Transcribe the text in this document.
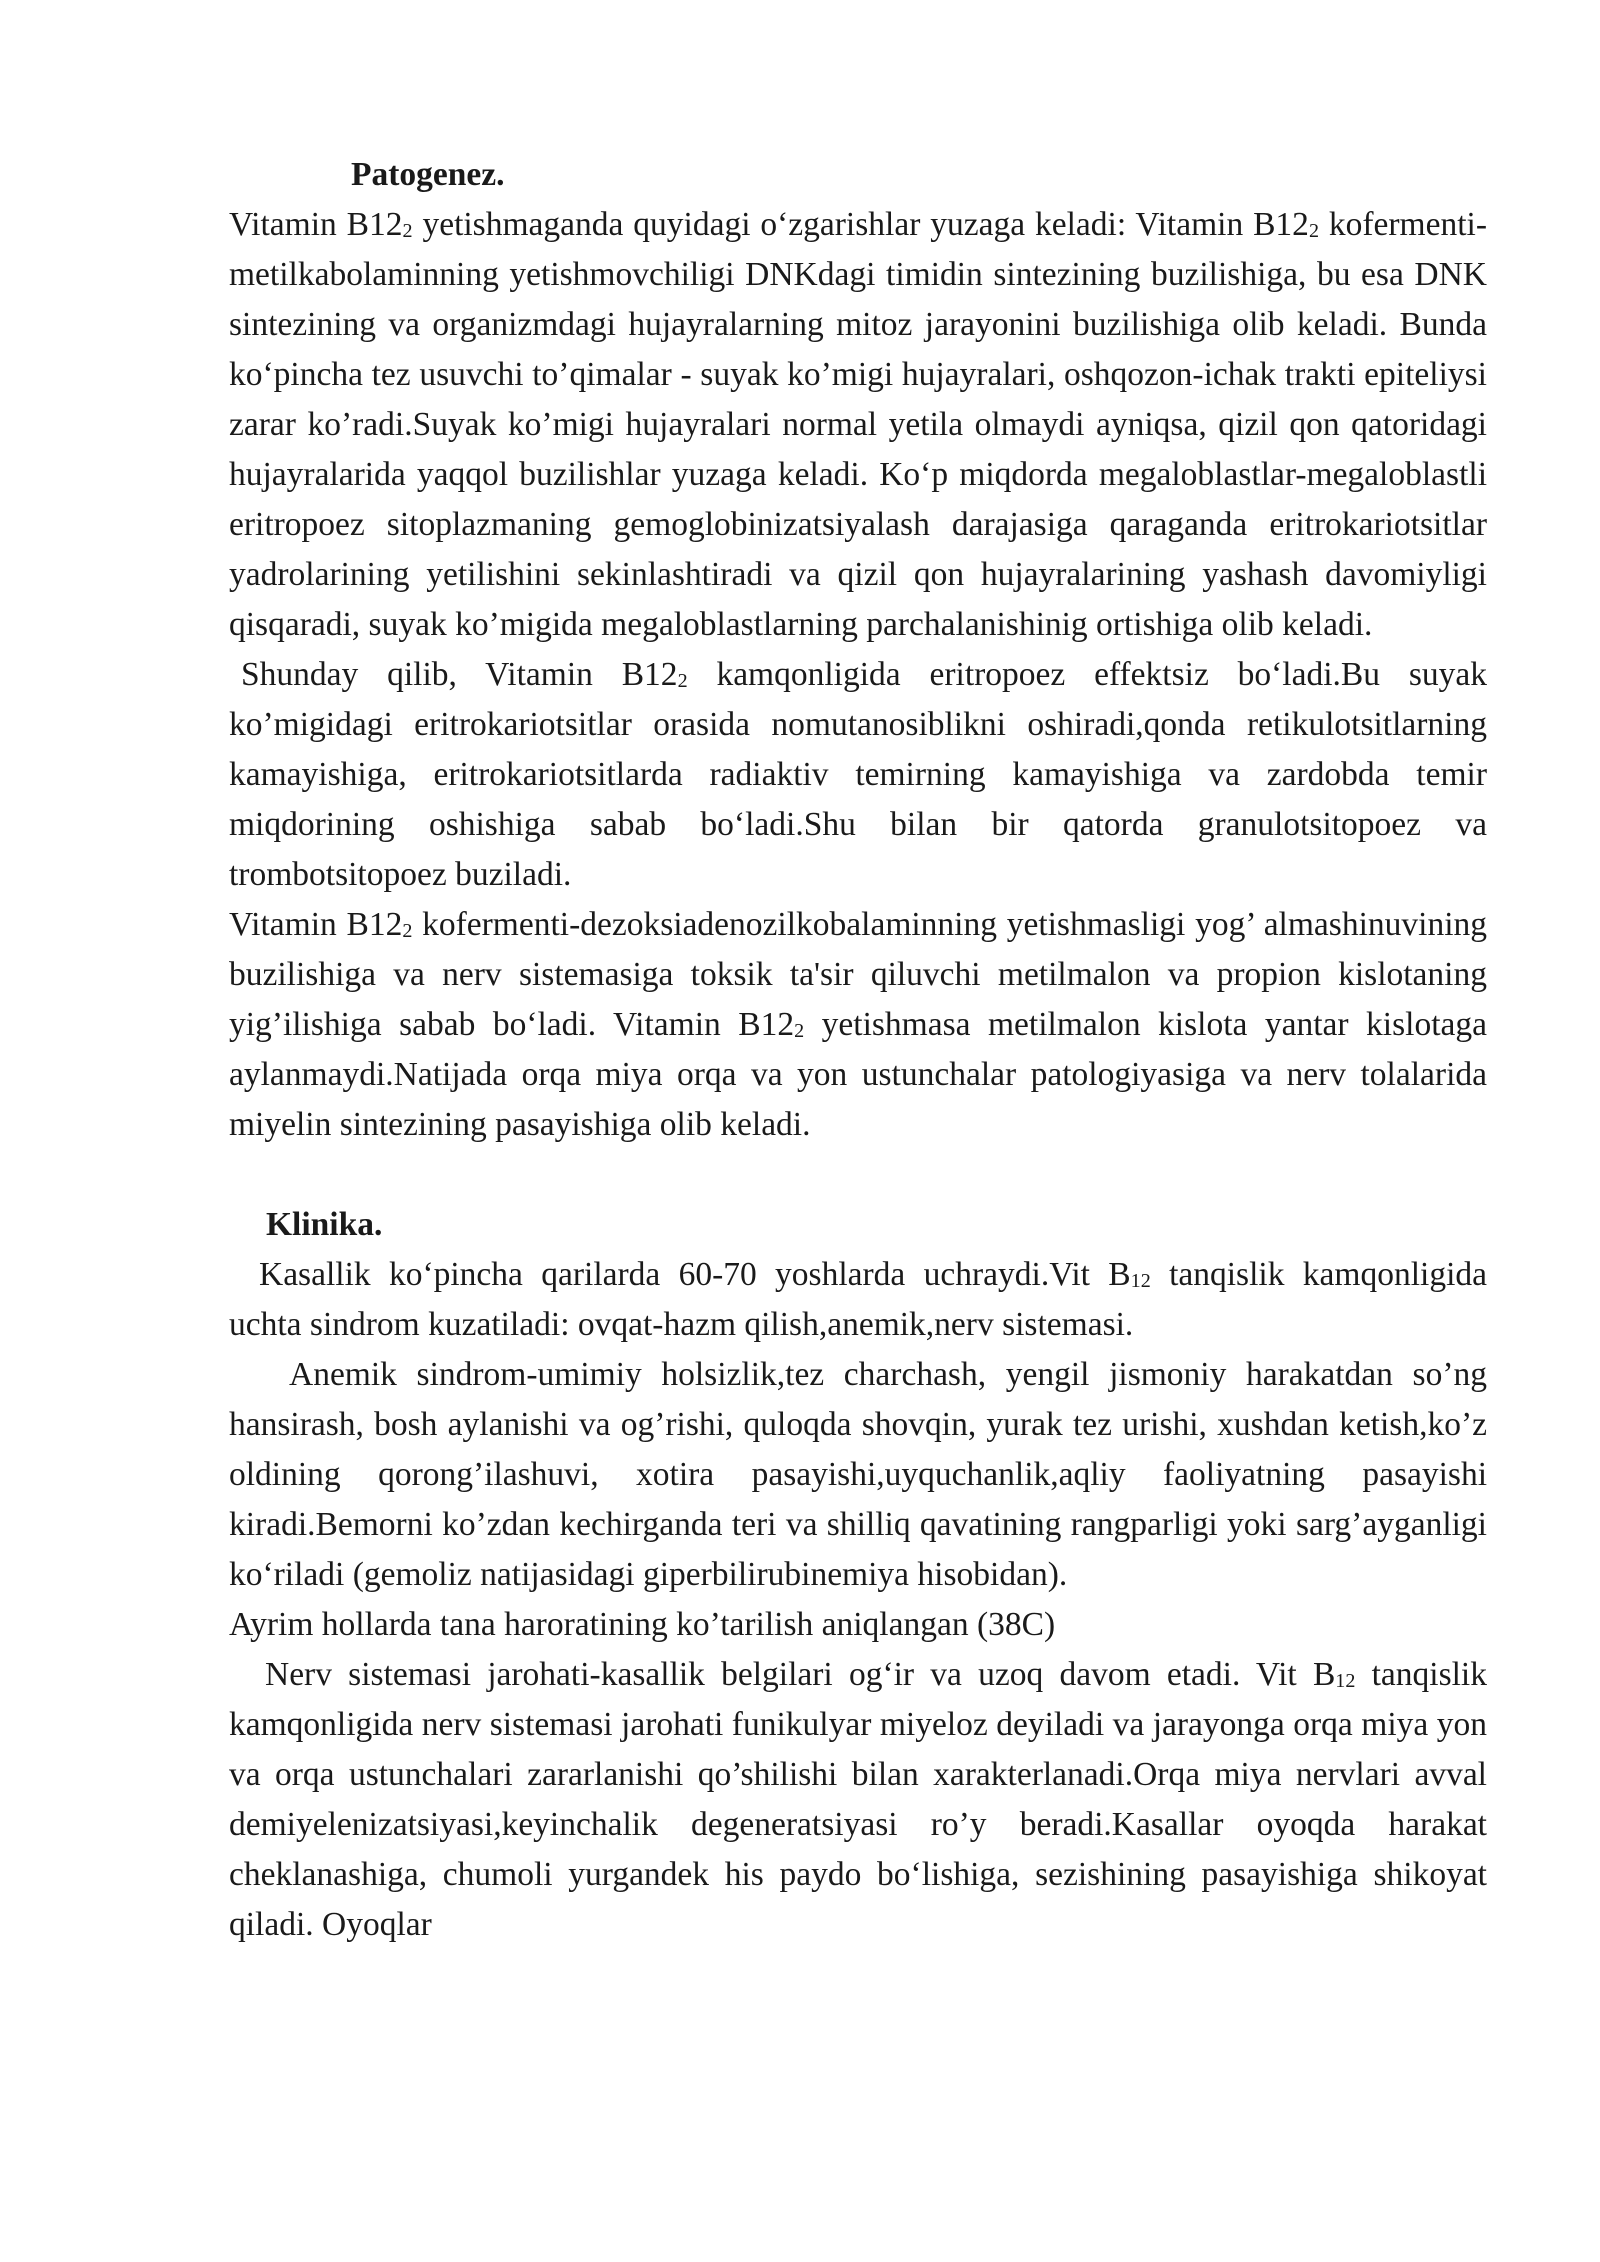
Patogenez.

Vitamin $B12_2$ yetishmaganda quyidagi o‘zgarishlar yuzaga keladi: Vitamin $B12_2$ kofermenti- metilkabolaminning yetishmovchiligi DNKdagi timidin sintezining buzilishiga, bu esa DNK sintezining va organizmdagi hujayralarning mitoz jarayonini buzilishiga olib keladi. Bunda ko‘pincha tez usuvchi to’qimalar - suyak ko’migi hujayralari, oshqozon-ichak trakti epiteliysi zarar ko’radi.Suyak ko’migi hujayralari normal yetila olmaydi ayniqsa, qizil qon qatoridagi hujayralarida yaqqol buzilishlar yuzaga keladi. Ko‘p miqdorda megaloblastlar-megaloblastli eritropoez sitoplazmaning gemoglobinizatsiyalash darajasiga qaraganda eritrokariotsitlar yadrolarining yetilishini sekinlashtiradi va qizil qon hujayralarining yashash davomiyligi qisqaradi, suyak ko’migida megaloblastlarning parchalanishinig ortishiga olib keladi.

Shunday qilib, Vitamin $B12_2$ kamqonligida eritropoez effektsiz bo‘ladi.Bu suyak ko’migidagi eritrokariotsitlar orasida nomutanosiblikni oshiradi,qonda retikulotsitlarning kamayishiga, eritrokariotsitlarda radiaktiv temirning kamayishiga va zardobda temir miqdorining oshishiga sabab bo‘ladi.Shu bilan bir qatorda granulotsitopoez va trombotsitopoez buziladi.

Vitamin $B12_2$ kofermenti-dezoksiadenozilkobalaminning yetishmasligi yog’ almashinuvining buzilishiga va nerv sistemasiga toksik ta'sir qiluvchi metilmalon va propion kislotaning yig’ilishiga sabab bo‘ladi. Vitamin $B12_2$ yetishmasa metilmalon kislota yantar kislotaga aylanmaydi.Natijada orqa miya orqa va yon ustunchalar patologiyasiga va nerv tolalarida miyelin sintezining pasayishiga olib keladi.

Klinika.

Kasallik ko‘pincha qarilarda 60-70 yoshlarda uchraydi.Vit $B_{12}$ tanqislik kamqonligida uchta sindrom kuzatiladi: ovqat-hazm qilish,anemik,nerv sistemasi.

Anemik sindrom-umimiy holsizlik,tez charchash, yengil jismoniy harakatdan so’ng hansirash, bosh aylanishi va og’rishi, quloqda shovqin, yurak tez urishi, xushdan ketish,ko’z oldining qorong’ilashuvi, xotira pasayishi,uyquchanlik,aqliy faoliyatning pasayishi kiradi.Bemorni ko’zdan kechirganda teri va shilliq qavatining rangparligi yoki sarg’ayganligi ko‘riladi (gemoliz natijasidagi giperbilirubinemiya hisobidan).

Ayrim hollarda tana haroratining ko’tarilish aniqlangan (38C)

Nerv sistemasi jarohati-kasallik belgilari og‘ir va uzoq davom etadi. Vit $B_{12}$ tanqislik kamqonligida nerv sistemasi jarohati funikulyar miyeloz deyiladi va jarayonga orqa miya yon va orqa ustunchalari zararlanishi qo’shilishi bilan xarakterlanadi.Orqa miya nervlari avval demiyelenizatsiyasi,keyinchalik degeneratsiyasi ro’y beradi.Kasallar oyoqda harakat cheklanashiga, chumoli yurgandek his paydo bo‘lishiga, sezishining pasayishiga shikoyat qiladi. Oyoqlar
